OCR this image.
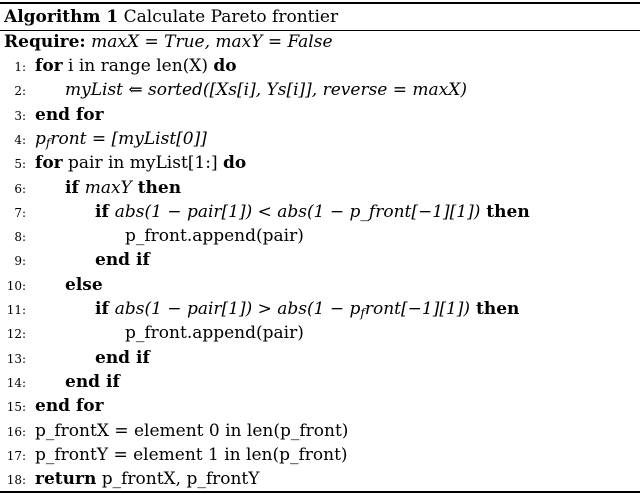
Algorithm 1 Calculate Pareto frontier
Require: maxX = True, maxY = False
1: for i in range len(X) do
2: myList ⇐ sorted([Xs[i], Ys[i]], reverse = maxX)
3: end for
4: pfront = [myList[0]]
5: for pair in myList[1:] do
6: if maxY then
7:	if abs(1 − pair[1]) < abs(1 − p_front[−1][1]) then
8:	p_front.append(pair)
9:	end if
10: else
11:	if abs(1 − pair[1]) > abs(1 − pfront[−1][1]) then
12:	p_front.append(pair)
13:	end if
14: end if
15: end for
16: p_frontX = element 0 in len(p_front)
17: p_frontY = element 1 in len(p_front)
18: return p_frontX, p_frontY
